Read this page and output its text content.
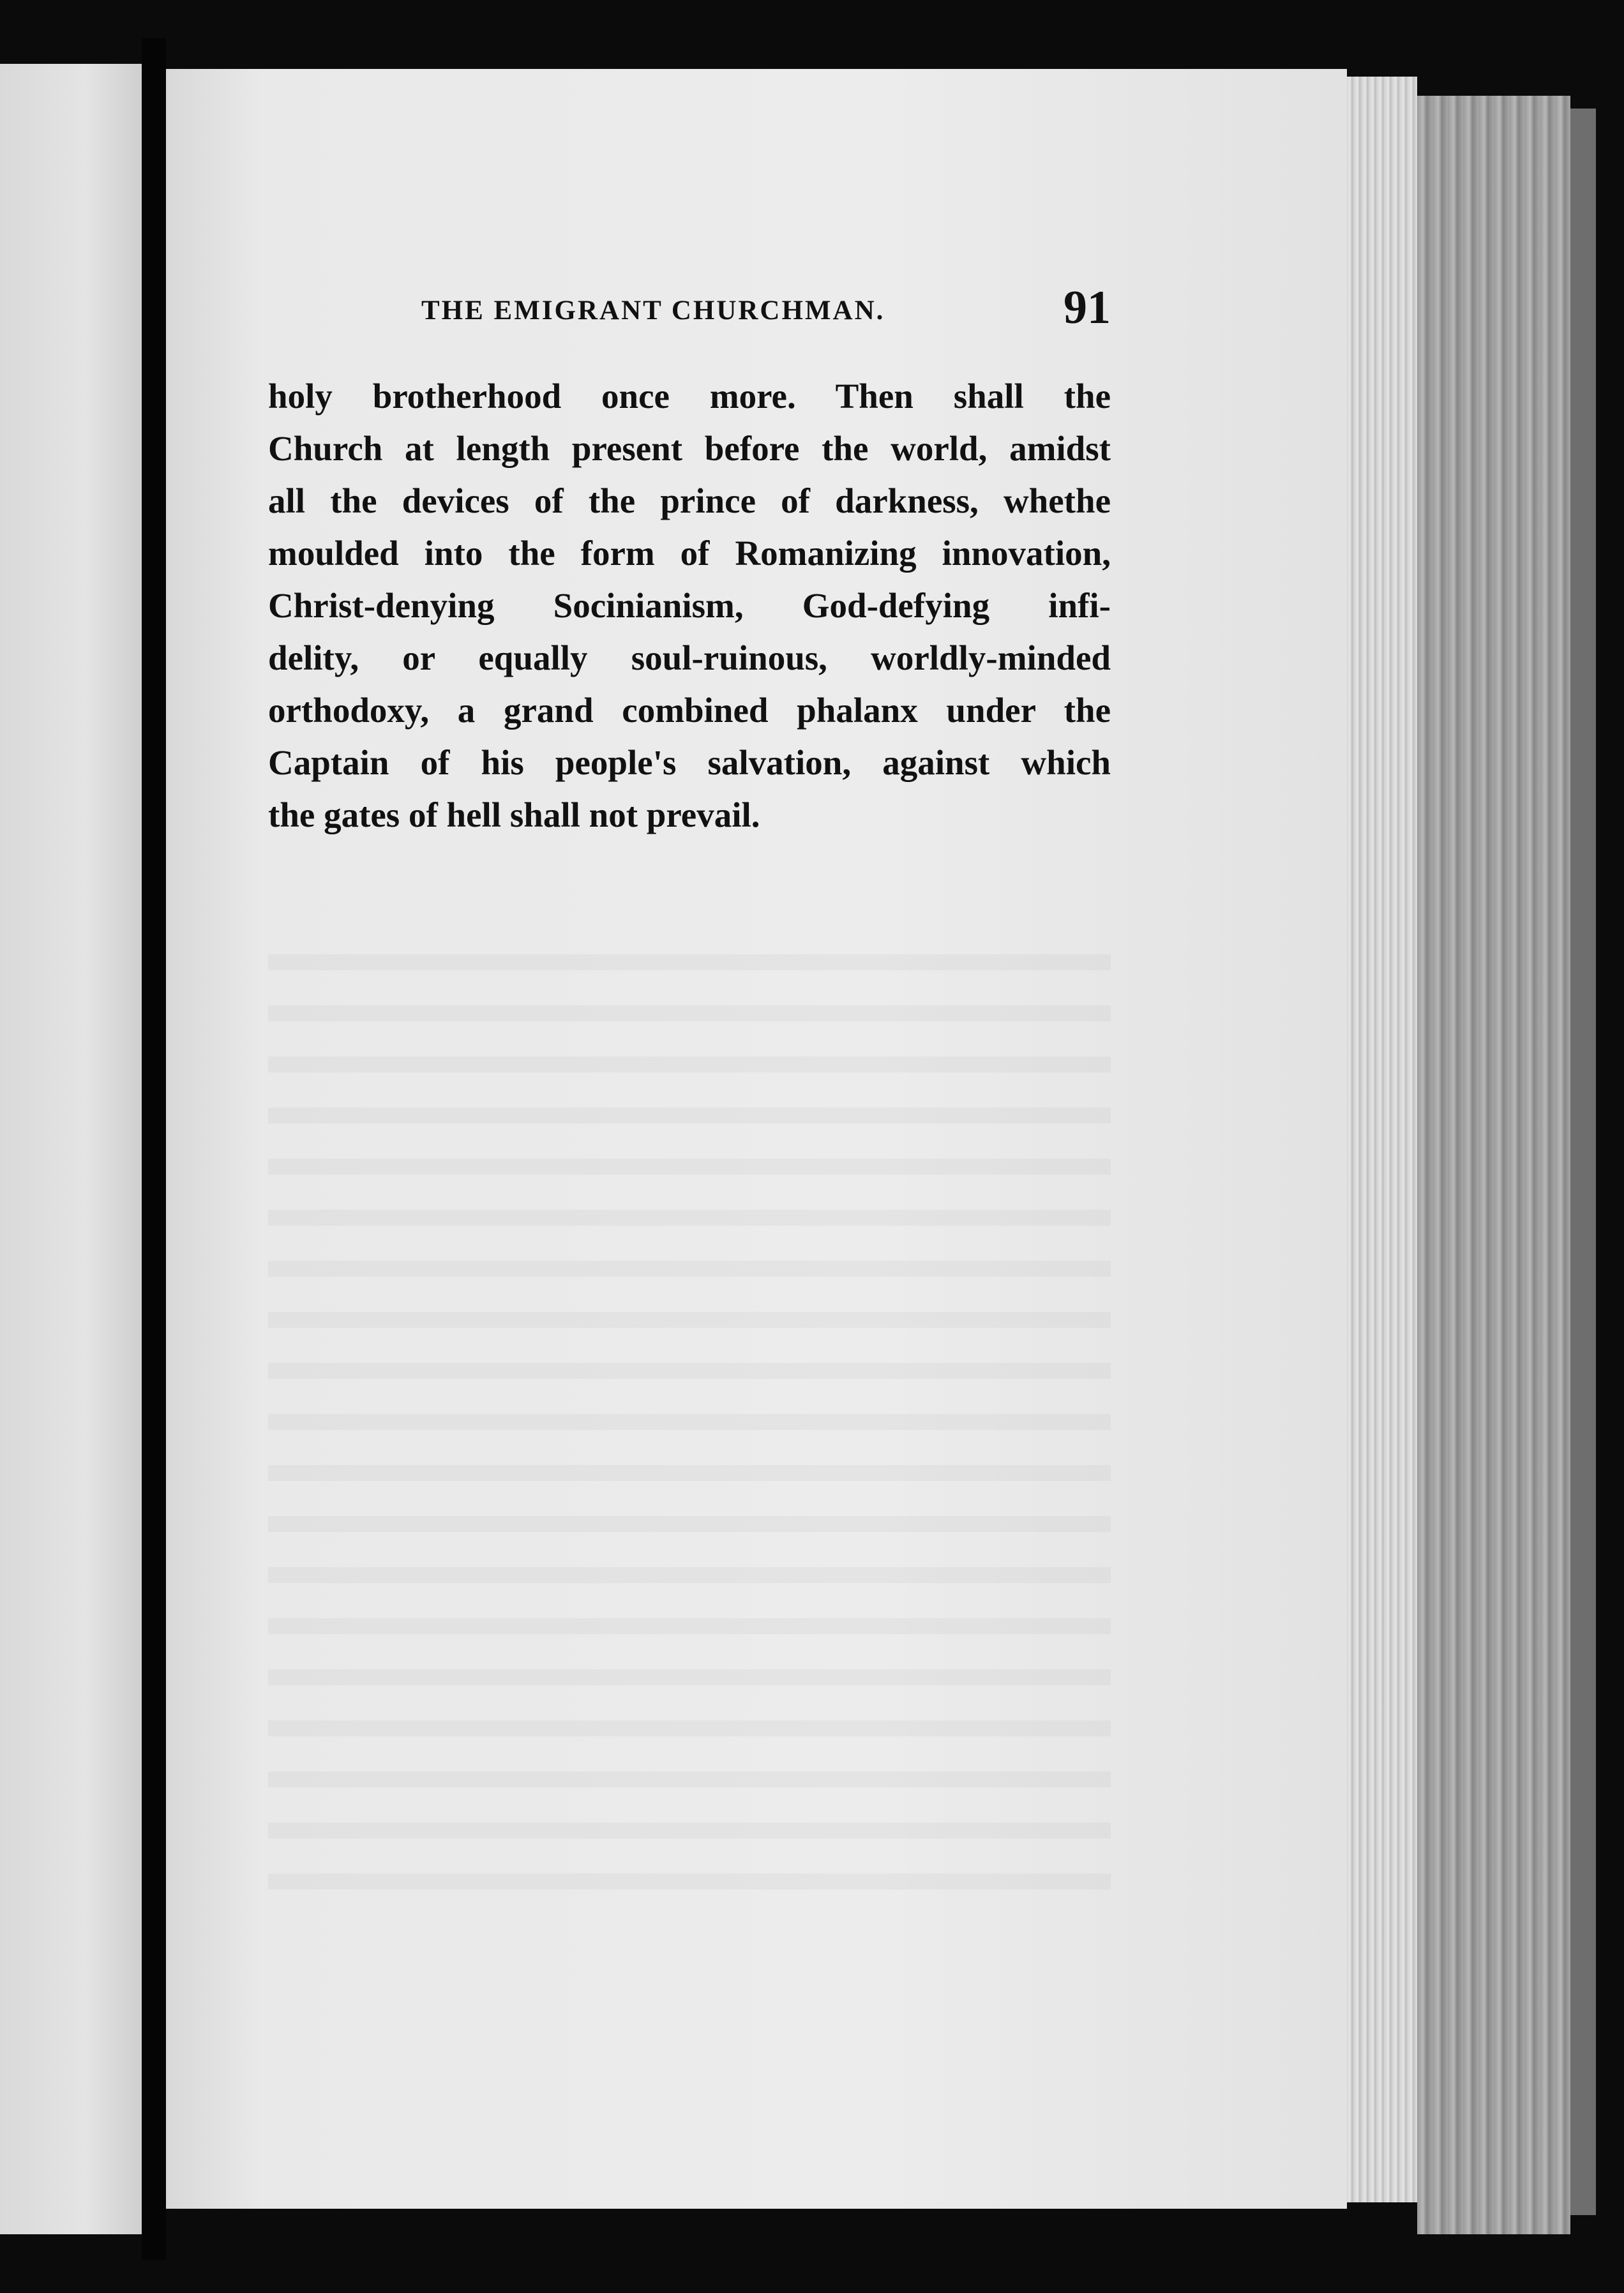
THE EMIGRANT CHURCHMAN.	91
holy brotherhood once more. Then shall the
Church at length present before the world, amidst
all the devices of the prince of darkness, whethe
moulded into the form of Romanizing innovation,
Christ-denying Socinianism, God-defying infi-
delity, or equally soul-ruinous, worldly-minded
orthodoxy, a grand combined phalanx under the
Captain of his people's salvation, against which
the gates of hell shall not prevail.
